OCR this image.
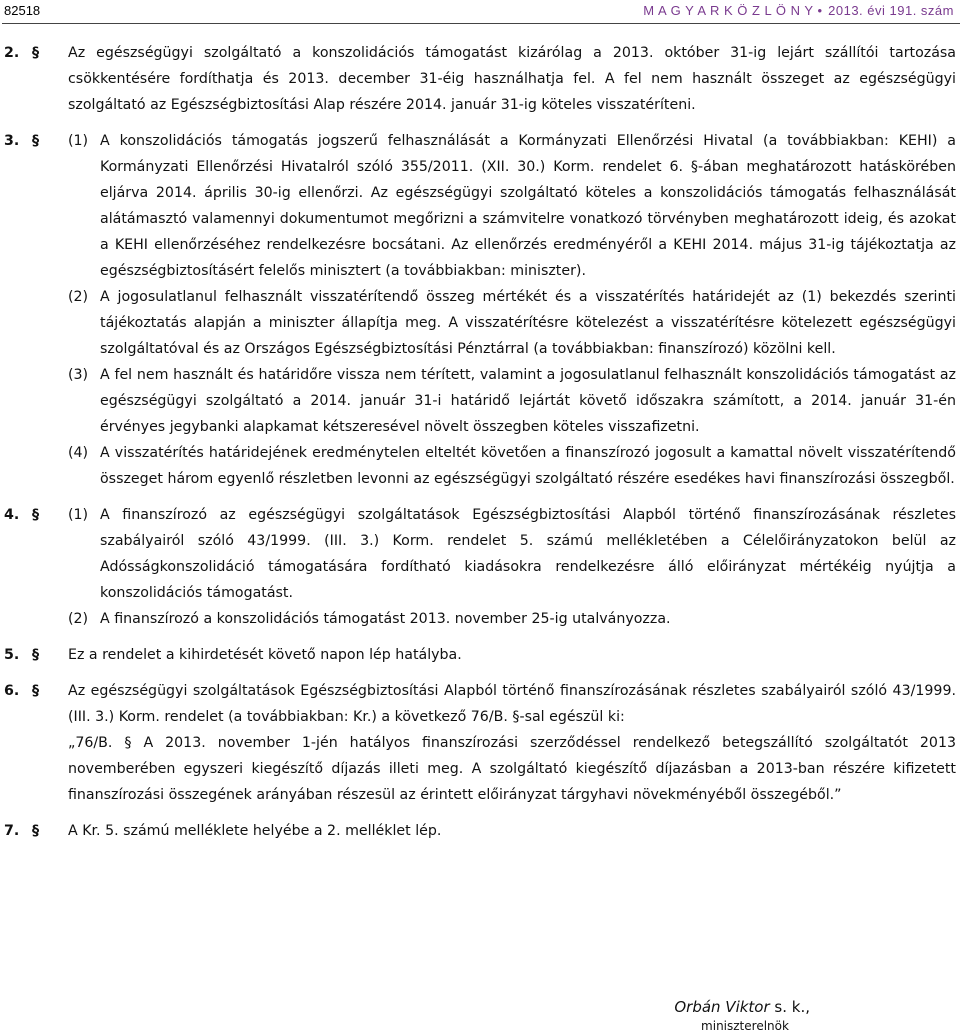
82518	M A G Y A R K Ö Z L Ö N Y • 2013. évi 191. szám
2. §	Az egészségügyi szolgáltató a konszolidációs támogatást kizárólag a 2013. október 31-ig lejárt szállítói tartozása csökkentésére fordíthatja és 2013. december 31-éig használhatja fel. A fel nem használt összeget az egészségügyi szolgáltató az Egészségbiztosítási Alap részére 2014. január 31-ig köteles visszatéríteni.
3. §	(1) A konszolidációs támogatás jogszerű felhasználását a Kormányzati Ellenőrzési Hivatal (a továbbiakban: KEHI) a Kormányzati Ellenőrzési Hivatalról szóló 355/2011. (XII. 30.) Korm. rendelet 6. §-ában meghatározott hatáskörében eljárva 2014. április 30-ig ellenőrzi. Az egészségügyi szolgáltató köteles a konszolidációs támogatás felhasználását alátámasztó valamennyi dokumentumot megőrizni a számvitelre vonatkozó törvényben meghatározott ideig, és azokat a KEHI ellenőrzéséhez rendelkezésre bocsátani. Az ellenőrzés eredményéről a KEHI 2014. május 31-ig tájékoztatja az egészségbiztosításért felelős minisztert (a továbbiakban: miniszter).
(2) A jogosulatlanul felhasznált visszatérítendő összeg mértékét és a visszatérítés határidejét az (1) bekezdés szerinti tájékoztatás alapján a miniszter állapítja meg. A visszatérítésre kötelezést a visszatérítésre kötelezett egészségügyi szolgáltatóval és az Országos Egészségbiztosítási Pénztárral (a továbbiakban: finanszírozó) közölni kell.
(3) A fel nem használt és határidőre vissza nem térített, valamint a jogosulatlanul felhasznált konszolidációs támogatást az egészségügyi szolgáltató a 2014. január 31-i határidő lejártát követő időszakra számított, a 2014. január 31-én érvényes jegybanki alapkamat kétszeresével növelt összegben köteles visszafizetni.
(4) A visszatérítés határidejének eredménytelen elteltét követően a finanszírozó jogosult a kamattal növelt visszatérítendő összeget három egyenlő részletben levonni az egészségügyi szolgáltató részére esedékes havi finanszírozási összegből.
4. §	(1) A finanszírozó az egészségügyi szolgáltatások Egészségbiztosítási Alapból történő finanszírozásának részletes szabályairól szóló 43/1999. (III. 3.) Korm. rendelet 5. számú mellékletében a Célelőirányzatokon belül az Adósságkonszolidáció támogatására fordítható kiadásokra rendelkezésre álló előirányzat mértékéig nyújtja a konszolidációs támogatást.
(2) A finanszírozó a konszolidációs támogatást 2013. november 25-ig utalványozza.
5. §	Ez a rendelet a kihirdetését követő napon lép hatályba.
6. §	Az egészségügyi szolgáltatások Egészségbiztosítási Alapból történő finanszírozásának részletes szabályairól szóló 43/1999. (III. 3.) Korm. rendelet (a továbbiakban: Kr.) a következő 76/B. §-sal egészül ki:
„76/B. § A 2013. november 1-jén hatályos finanszírozási szerződéssel rendelkező betegszállító szolgáltatót 2013 novemberében egyszeri kiegészítő díjazás illeti meg. A szolgáltató kiegészítő díjazásban a 2013-ban részére kifizetett finanszírozási összegének arányában részesül az érintett előirányzat tárgyhavi növekményéből összegéből.”
7. §	A Kr. 5. számú melléklete helyébe a 2. melléklet lép.
Orbán Viktor s. k.,
miniszterelnök
